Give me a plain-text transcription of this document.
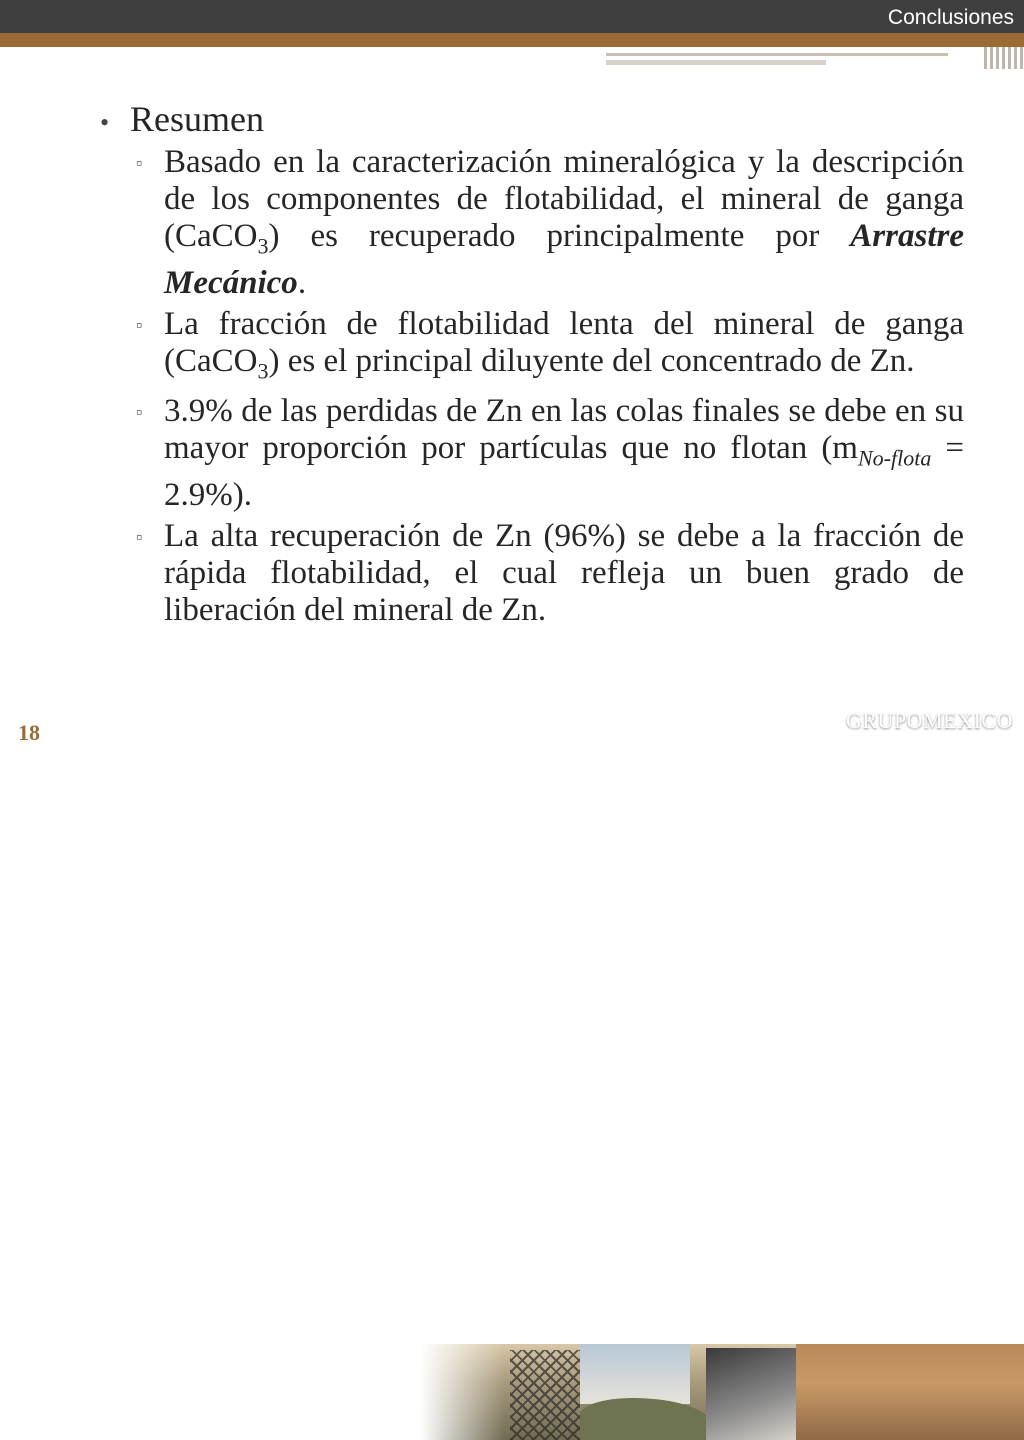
Conclusiones
• Resumen
▫ Basado en la caracterización mineralógica y la descripción de los componentes de flotabilidad, el mineral de ganga (CaCO$_3$) es recuperado principalmente por Arrastre Mecánico.
▫ La fracción de flotabilidad lenta del mineral de ganga (CaCO$_3$) es el principal diluyente del concentrado de Zn.
▫ 3.9% de las perdidas de Zn en las colas finales se debe en su mayor proporción por partículas que no flotan $(m_{No-flota} = 2.9\%)$.
▫ La alta recuperación de Zn (96%) se debe a la fracción de rápida flotabilidad, el cual refleja un buen grado de liberación del mineral de Zn.
18	GRUPOMEXICO
